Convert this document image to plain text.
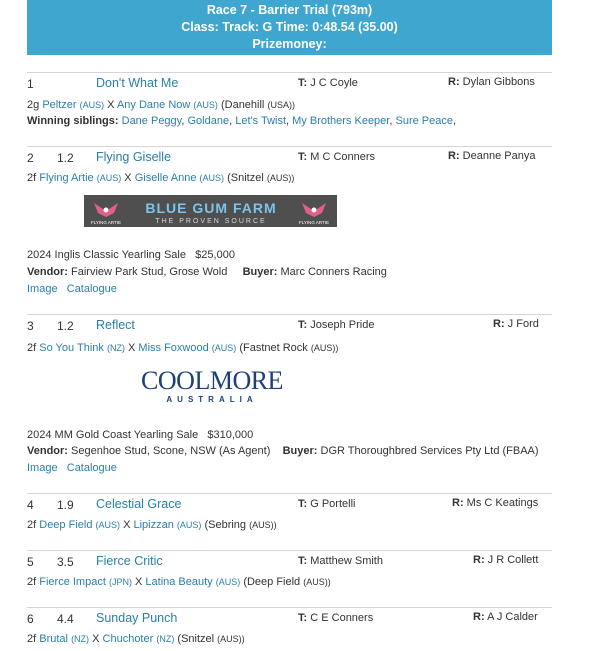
Race 7 - Barrier Trial (793m)
Class: Track: G Time: 0:48.54 (35.00)
Prizemoney:
1	Don't What Me	T: J C Coyle	R: Dylan Gibbons
2g Peltzer (AUS) X Any Dane Now (AUS) (Danehill (USA))
Winning siblings: Dane Peggy, Goldane, Let's Twist, My Brothers Keeper, Sure Peace,
2 1.2 Flying Giselle	T: M C Conners	R: Deanne Panya
2f Flying Artie (AUS) X Giselle Anne (AUS) (Snitzel (AUS))
BLUE GUM FARM
THE PROVEN SOURCE
FLYING ARTIE	FLYING ARTIE
2024 Inglis Classic Yearling Sale $25,000
Vendor: Fairview Park Stud, Grose Wold Buyer: Marc Conners Racing
Image Catalogue
3 1.2 Reflect	T: Joseph Pride	R: J Ford
2f So You Think (NZ) X Miss Foxwood (AUS) (Fastnet Rock (AUS))
COOLMORE
AUSTRALIA
2024 MM Gold Coast Yearling Sale $310,000
Vendor: Segenhoe Stud, Scone, NSW (As Agent) Buyer: DGR Thoroughbred Services Pty Ltd (FBAA)
Image Catalogue
4 1.9 Celestial Grace	T: G Portelli	R: Ms C Keatings
2f Deep Field (AUS) X Lipizzan (AUS) (Sebring (AUS))
5 3.5 Fierce Critic	T: Matthew Smith	R: J R Collett
2f Fierce Impact (JPN) X Latina Beauty (AUS) (Deep Field (AUS))
6 4.4 Sunday Punch	T: C E Conners	R: A J Calder
2f Brutal (NZ) X Chuchoter (NZ) (Snitzel (AUS))
